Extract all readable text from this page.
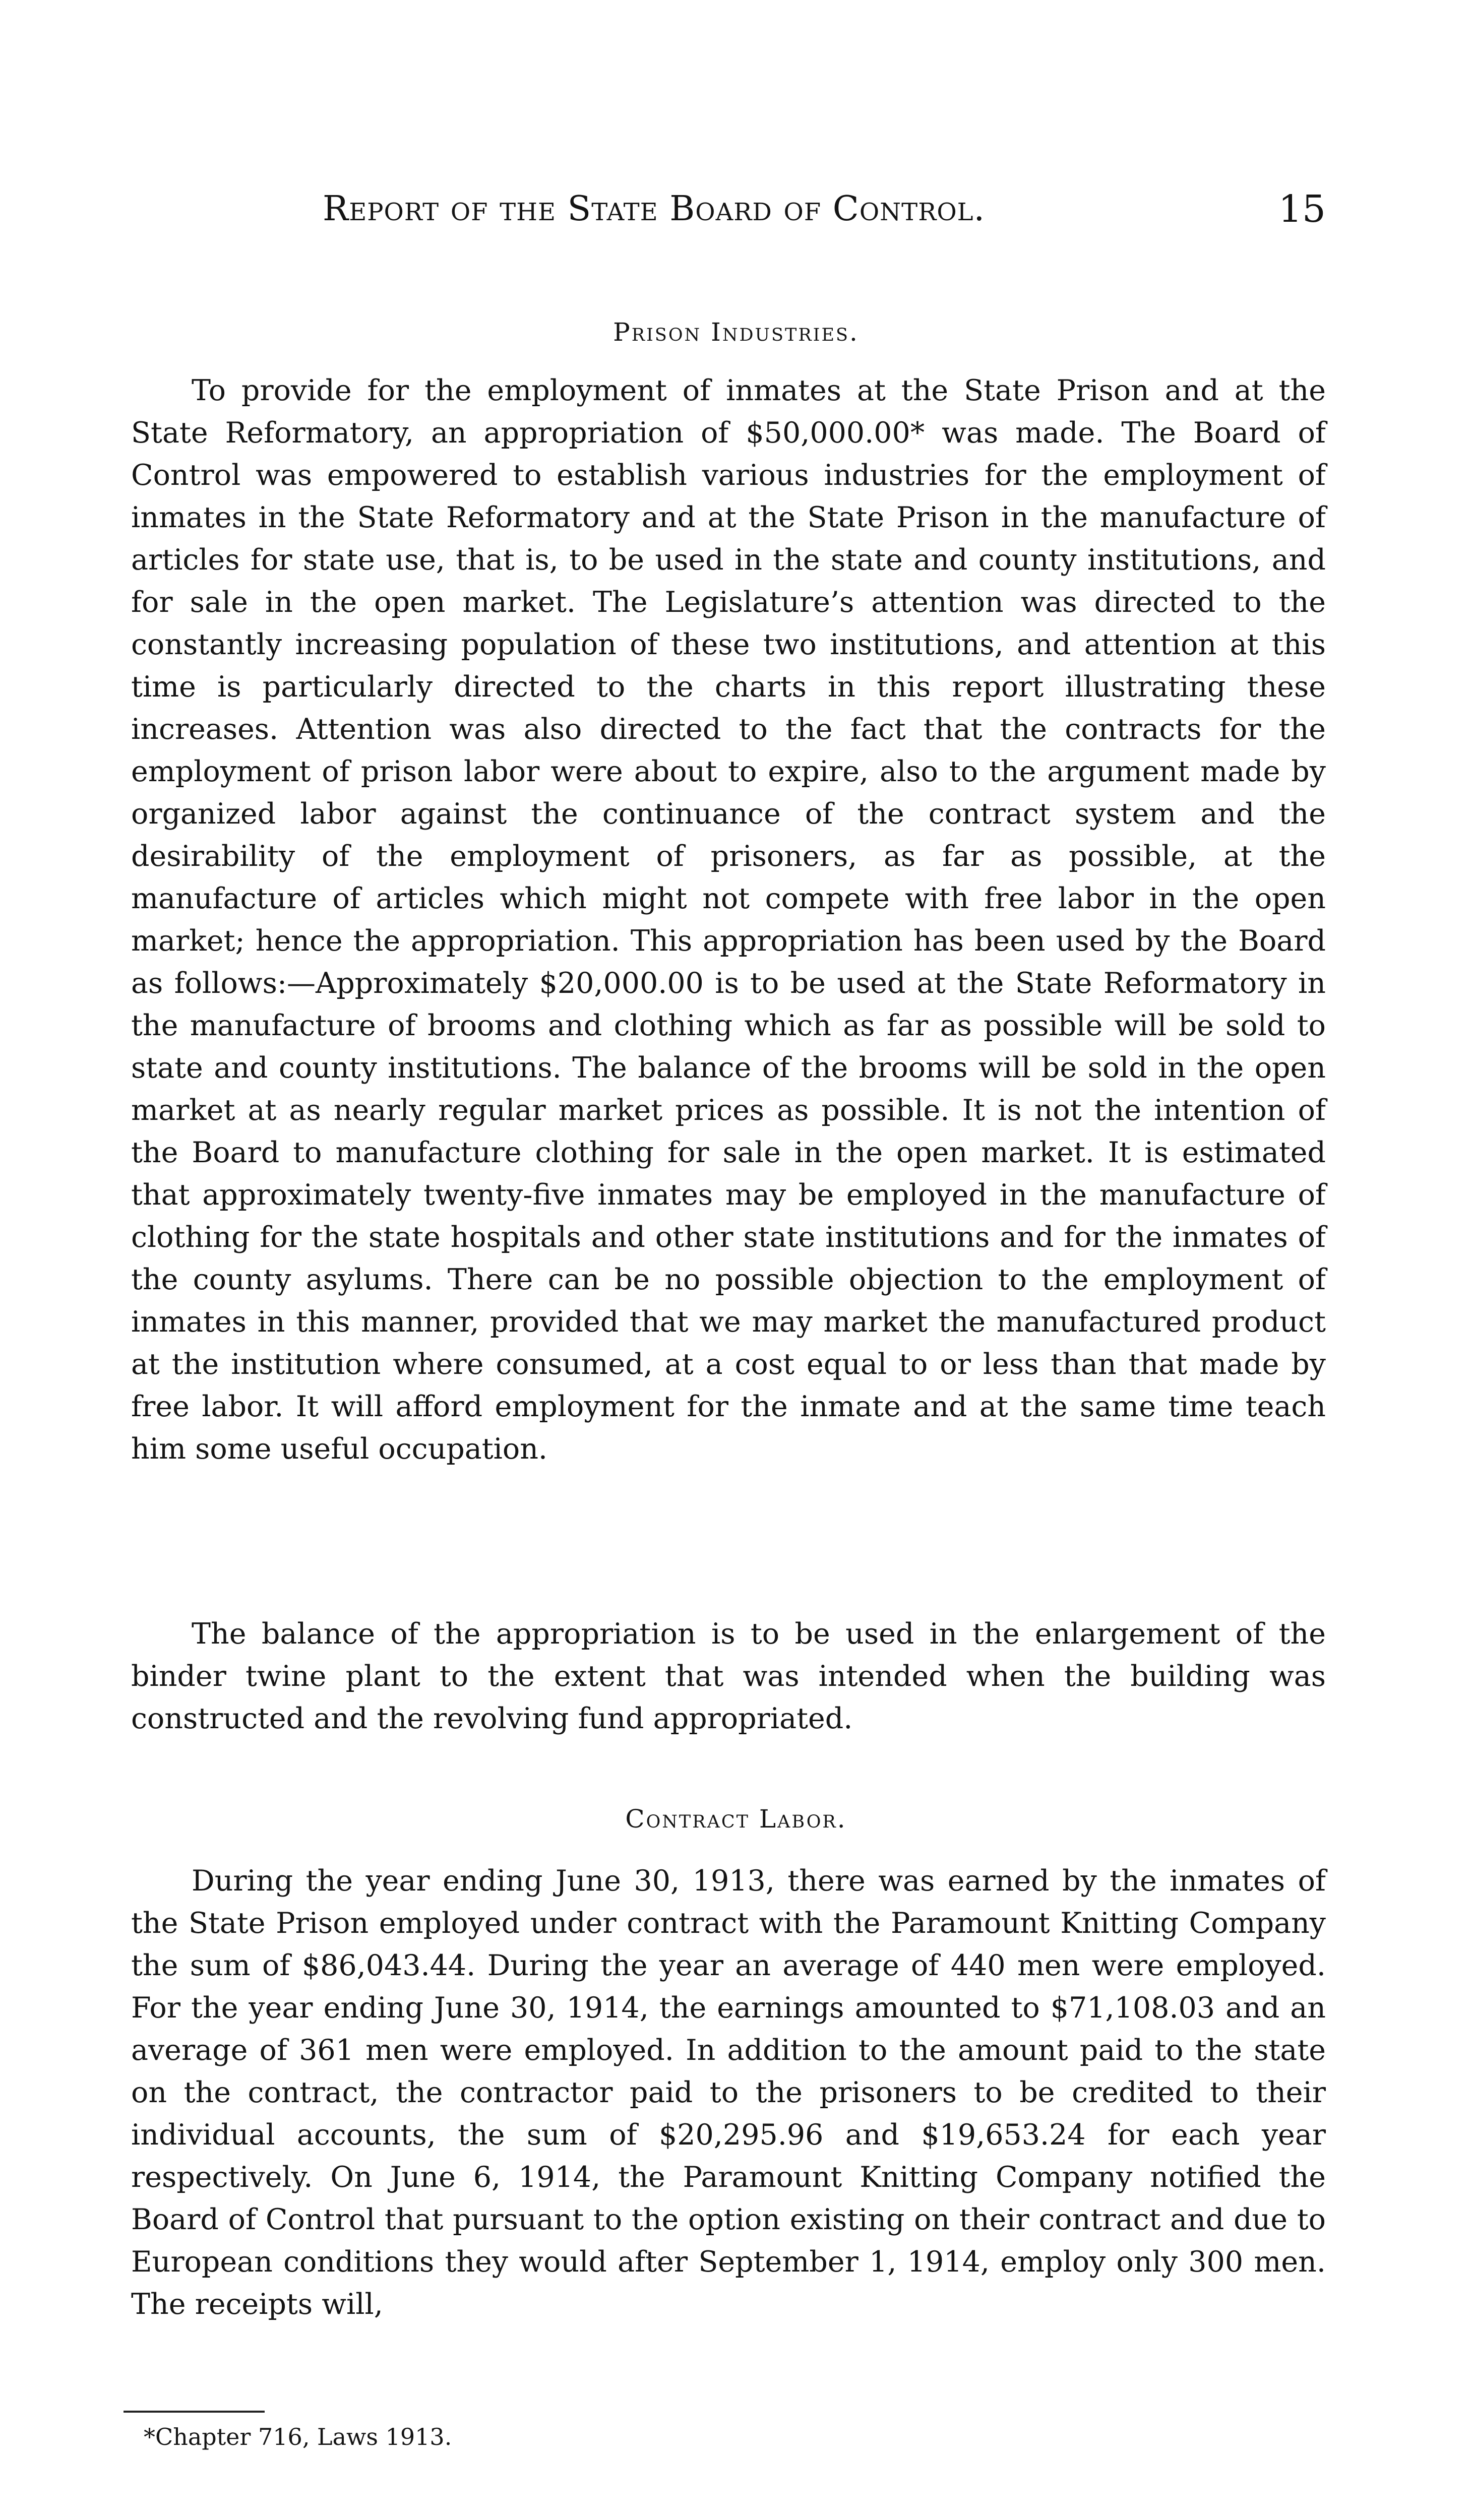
Report of the State Board of Control.	15
Prison Industries.

To provide for the employment of inmates at the State Prison and at the State Reformatory, an appropriation of $50,000.00* was made. The Board of Control was empowered to establish various industries for the employment of inmates in the State Reformatory and at the State Prison in the manufacture of articles for state use, that is, to be used in the state and county institutions, and for sale in the open market. The Legislature’s attention was directed to the constantly increasing population of these two institutions, and attention at this time is particularly directed to the charts in this report illustrating these increases. Attention was also directed to the fact that the contracts for the employment of prison labor were about to expire, also to the argument made by organized labor against the continuance of the contract system and the desirability of the employment of prisoners, as far as possible, at the manufacture of articles which might not compete with free labor in the open market; hence the appropriation. This appropriation has been used by the Board as follows:—Approximately $20,000.00 is to be used at the State Reformatory in the manufacture of brooms and clothing which as far as possible will be sold to state and county institutions. The balance of the brooms will be sold in the open market at as nearly regular market prices as possible. It is not the intention of the Board to manufacture clothing for sale in the open market. It is estimated that approximately twenty-five inmates may be employed in the manufacture of clothing for the state hospitals and other state institutions and for the inmates of the county asylums. There can be no possible objection to the employment of inmates in this manner, provided that we may market the manufactured product at the institution where consumed, at a cost equal to or less than that made by free labor. It will afford employment for the inmate and at the same time teach him some useful occupation.

The balance of the appropriation is to be used in the enlargement of the binder twine plant to the extent that was intended when the building was constructed and the revolving fund appropriated.

Contract Labor.

During the year ending June 30, 1913, there was earned by the inmates of the State Prison employed under contract with the Paramount Knitting Company the sum of $86,043.44. During the year an average of 440 men were employed. For the year ending June 30, 1914, the earnings amounted to $71,108.03 and an average of 361 men were employed. In addition to the amount paid to the state on the contract, the contractor paid to the prisoners to be credited to their individual accounts, the sum of $20,295.96 and $19,653.24 for each year respectively. On June 6, 1914, the Paramount Knitting Company notified the Board of Control that pursuant to the option existing on their contract and due to European conditions they would after September 1, 1914, employ only 300 men. The receipts will,

*Chapter 716, Laws 1913.
